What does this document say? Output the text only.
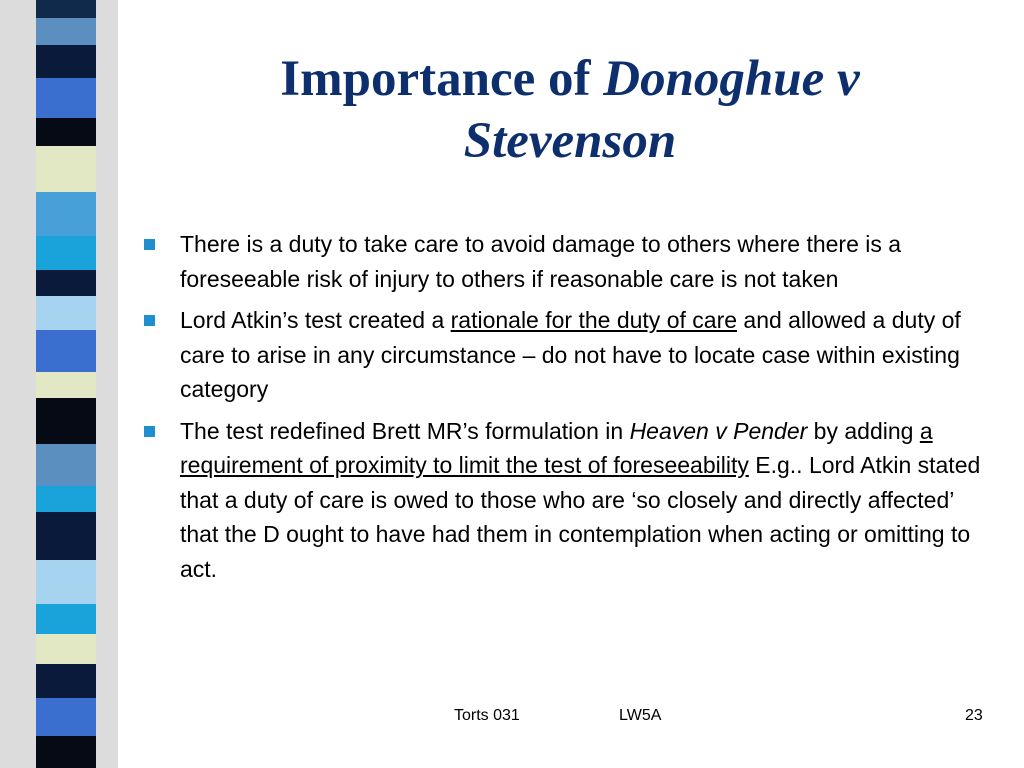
Importance of Donoghue v
Stevenson
There is a duty to take care to avoid damage to others where there is a foreseeable risk of injury to others if reasonable care is not taken
Lord Atkin’s test created a rationale for the duty of care and allowed a duty of care to arise in any circumstance – do not have to locate case within existing category
The test redefined Brett MR’s formulation in Heaven v Pender by adding a requirement of proximity to limit the test of foreseeability E.g.. Lord Atkin stated that a duty of care is owed to those who are ‘so closely and directly affected’ that the D ought to have had them in contemplation when acting or omitting to act.
Torts 031	LW5A	23
